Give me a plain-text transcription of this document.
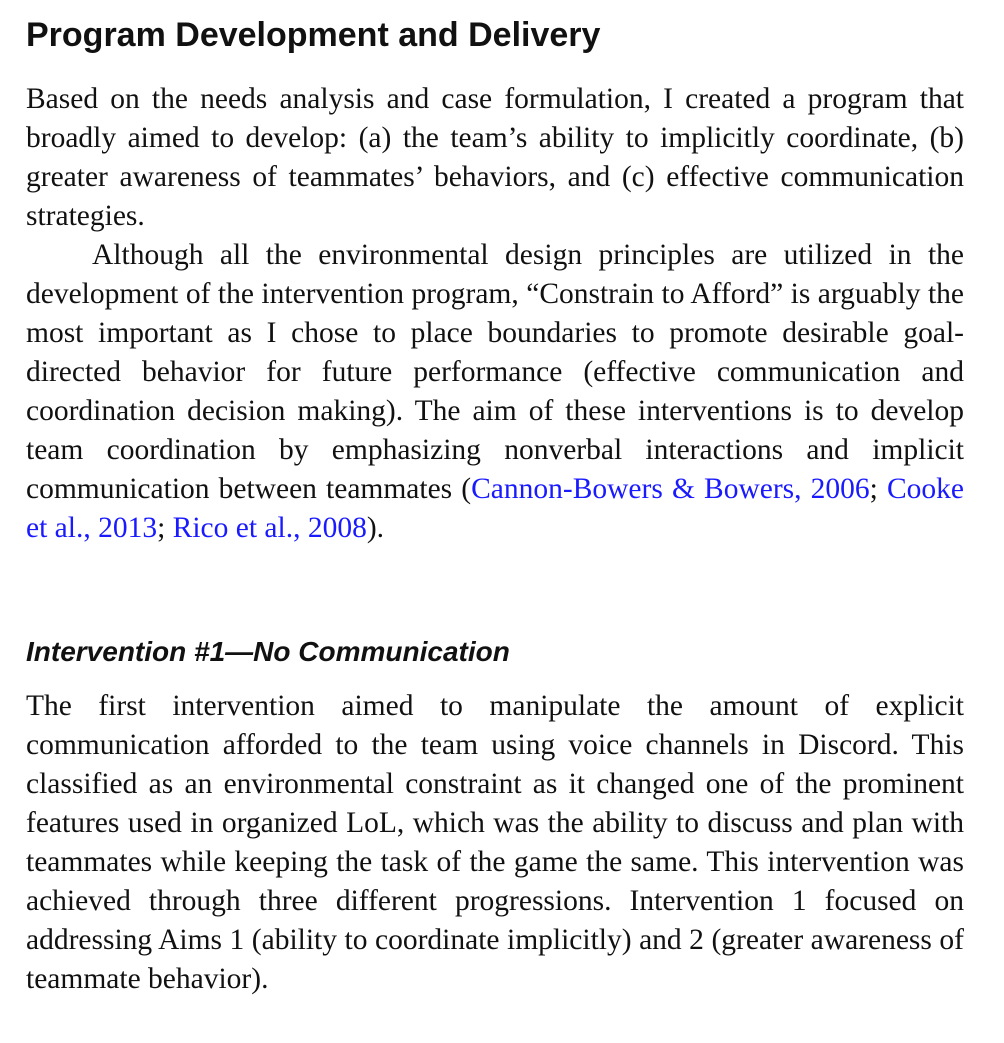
Program Development and Delivery

Based on the needs analysis and case formulation, I created a program that broadly aimed to develop: (a) the team’s ability to implicitly coordinate, (b) greater awareness of teammates’ behaviors, and (c) effective communication strategies.

Although all the environmental design principles are utilized in the development of the intervention program, “Constrain to Afford” is arguably the most important as I chose to place boundaries to promote desirable goal-directed behavior for future performance (effective communication and coordination decision making). The aim of these interventions is to develop team coordination by emphasizing nonverbal interactions and implicit communication between teammates (Cannon-Bowers & Bowers, 2006; Cooke et al., 2013; Rico et al., 2008).

Intervention #1—No Communication

The first intervention aimed to manipulate the amount of explicit communication afforded to the team using voice channels in Discord. This classified as an environmental constraint as it changed one of the prominent features used in organized LoL, which was the ability to discuss and plan with teammates while keeping the task of the game the same. This intervention was achieved through three different progressions. Intervention 1 focused on addressing Aims 1 (ability to coordinate implicitly) and 2 (greater awareness of teammate behavior).
